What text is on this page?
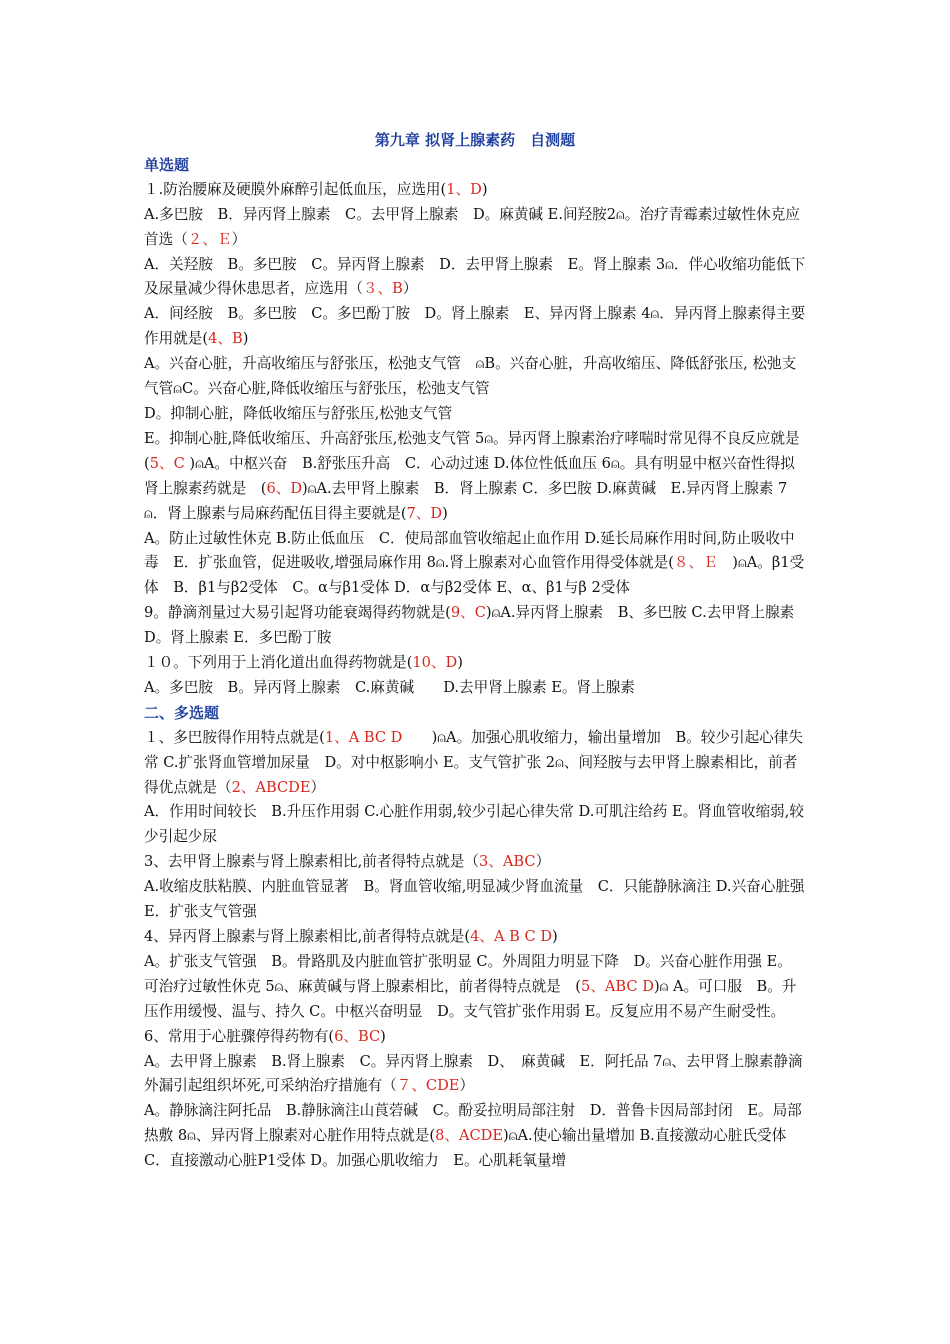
第九章 拟肾上腺素药　自测题
单选题

１.防治腰麻及硬膜外麻醉引起低血压，应选用(1、D)

A.多巴胺　B．异丙肾上腺素　C。去甲肾上腺素　D。麻黄碱 E.间羟胺2⍝。治疗青霉素过敏性休克应首选（２、Ｅ）

A．关羟胺　B。多巴胺　C。异丙肾上腺素　D．去甲肾上腺素　E。肾上腺素 3⍝．伴心收缩功能低下及尿量减少得休患思者，应选用（３、B）

A．间经胺　B。多巴胺　C。多巴酚丁胺　D。肾上腺素　E、异丙肾上腺素 4⍝．异丙肾上腺素得主要作用就是(4、B)

A。兴奋心脏，升高收缩压与舒张压，松弛支气管　⍝B。兴奋心脏，升高收缩压、降低舒张压, 松弛支气管⍝C。兴奋心脏,降低收缩压与舒张压，松弛支气管

D。抑制心脏，降低收缩压与舒张压,松弛支气管

E。抑制心脏,降低收缩压、升高舒张压,松弛支气管 5⍝。异丙肾上腺素治疗哮喘时常见得不良反应就是(5、C )⍝A。中枢兴奋　B.舒张压升高　C．心动过速 D.体位性低血压 6⍝。具有明显中枢兴奋性得拟肾上腺素药就是　(6、D)⍝A.去甲肾上腺素　B．肾上腺素 C．多巴胺 D.麻黄碱　E.异丙肾上腺素 7⍝．肾上腺素与局麻药配伍目得主要就是(7、D)

A。防止过敏性休克 B.防止低血压　C．使局部血管收缩起止血作用 D.延长局麻作用时间,防止吸收中毒　E．扩张血管，促进吸收,增强局麻作用 8⍝.肾上腺素对心血管作用得受体就是(８、Ｅ　)⍝A。β1受体　B．β1与β2受体　C。α与β1受体 D．α与β2受体 E、α、β1与β 2受体

9。静滴剂量过大易引起肾功能衰竭得药物就是(9、C)⍝A.异丙肾上腺素　B、多巴胺 C.去甲肾上腺素 D。肾上腺素 E．多巴酚丁胺

１０。下列用于上消化道出血得药物就是(10、D)

A。多巴胺　B。异丙肾上腺素　C.麻黄碱　　D.去甲肾上腺素 E。肾上腺素

二、多选题

１、多巴胺得作用特点就是(1、A BC D　　)⍝A。加强心肌收缩力，输出量增加　B。较少引起心律失常 C.扩张肾血管增加尿量　D。对中枢影响小 E。支气管扩张 2⍝、间羟胺与去甲肾上腺素相比，前者得优点就是（2、ABCDE）

A．作用时间较长　B.升压作用弱 C.心脏作用弱,较少引起心律失常 D.可肌注给药 E。肾血管收缩弱,较少引起少尿

3、去甲肾上腺素与肾上腺素相比,前者得特点就是（3、ABC）

A.收缩皮肤粘膜、内脏血管显著　B。肾血管收缩,明显减少肾血流量　C．只能静脉滴注 D.兴奋心脏强　E．扩张支气管强

4、异丙肾上腺素与肾上腺素相比,前者得特点就是(4、A B C D)

A。扩张支气管强　B。骨路肌及内脏血管扩张明显 C。外周阻力明显下降　D。兴奋心脏作用强 E。可治疗过敏性休克 5⍝、麻黄碱与肾上腺素相比，前者得特点就是　(5、ABC D)⍝ A。可口服　B。升压作用缓慢、温与、持久 C。中枢兴奋明显　D。支气管扩张作用弱 E。反复应用不易产生耐受性。

6、常用于心脏骤停得药物有(6、BC)

A。去甲肾上腺素　B.肾上腺素　C。异丙肾上腺素　D、　麻黄碱　E．阿托品 7⍝、去甲肾上腺素静滴外漏引起组织坏死,可采纳治疗措施有（７、CDE）

A。静脉滴注阿托品　B.静脉滴注山莨菪碱　C。酚妥拉明局部注射　D．普鲁卡因局部封闭　E。局部热敷 8⍝、异丙肾上腺素对心脏作用特点就是(8、ACDE)⍝A.使心输出量增加 B.直接激动心脏氏受体 C．直接激动心脏P1受体 D。加强心肌收缩力　E。心肌耗氧量增
